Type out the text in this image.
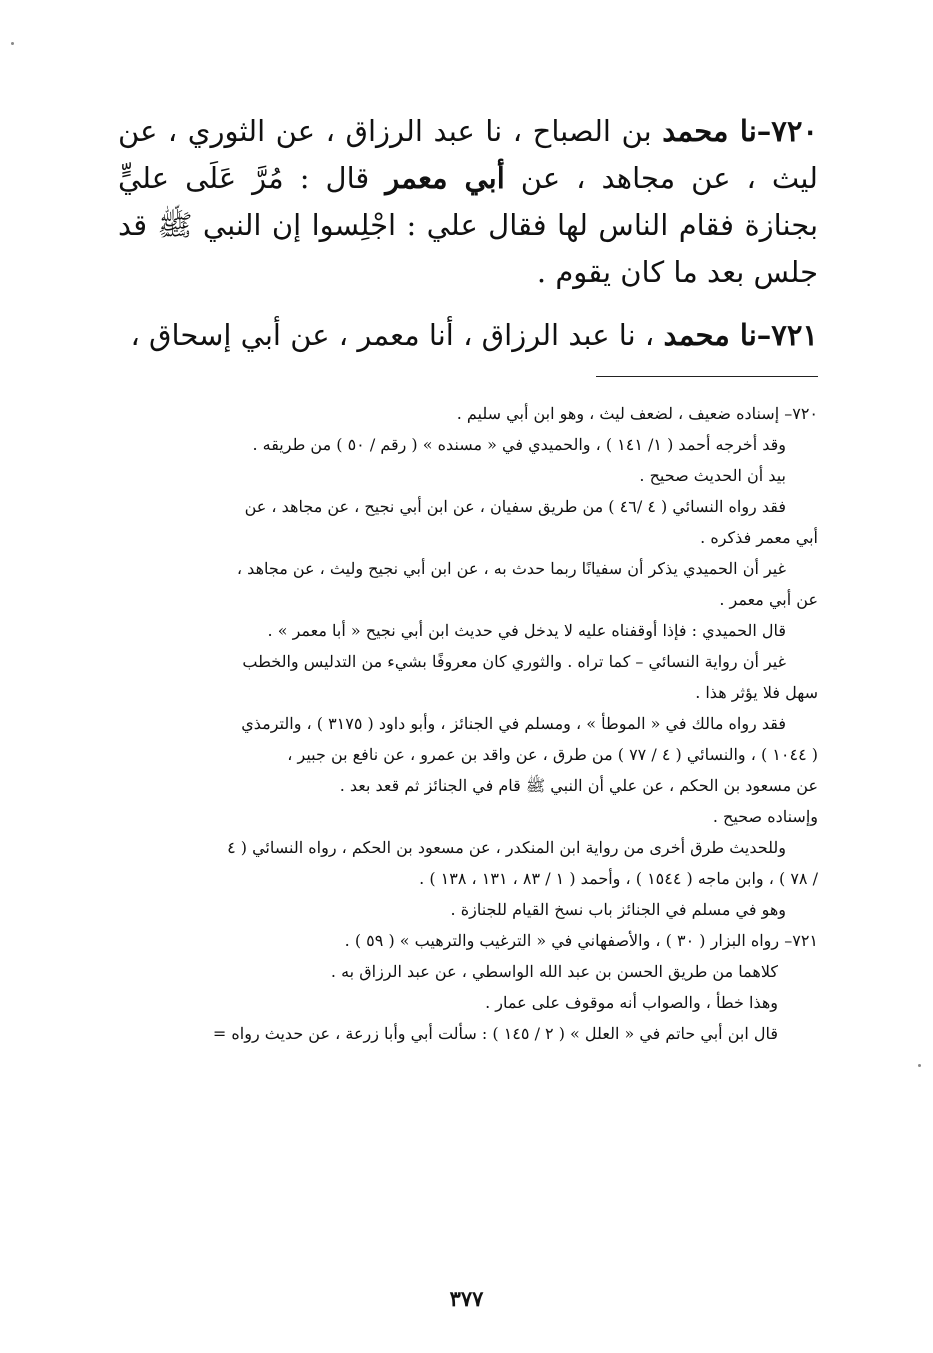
٧٢٠–نا محمد بن الصباح ، نا عبد الرزاق ، عن الثوري ، عن ليث ، عن مجاهد ، عن أبي معمر قال : مُرَّ عَلَى عليٍّ بجنازة فقام الناس لها فقال علي : اجْلِسوا إن النبي ﷺ قد جلس بعد ما كان يقوم .

٧٢١–نا محمد ، نا عبد الرزاق ، أنا معمر ، عن أبي إسحاق ،

٧٢٠– إسناده ضعيف ، لضعف ليث ، وهو ابن أبي سليم .

وقد أخرجه أحمد ( ١/ ١٤١ ) ، والحميدي في « مسنده » ( رقم / ٥٠ ) من طريقه .

بيد أن الحديث صحيح .

فقد رواه النسائي ( ٤ /٤٦ ) من طريق سفيان ، عن ابن أبي نجيح ، عن مجاهد ، عن

أبي معمر فذكره .

غير أن الحميدي يذكر أن سفيانًا ربما حدث به ، عن ابن أبي نجيح وليث ، عن مجاهد ،

عن أبي معمر .

قال الحميدي : فإذا أوقفناه عليه لا يدخل في حديث ابن أبي نجيح « أبا معمر » .

غير أن رواية النسائي – كما تراه . والثوري كان معروفًا بشيء من التدليس والخطب

سهل فلا يؤثر هذا .

فقد رواه مالك في « الموطأ » ، ومسلم في الجنائز ، وأبو داود ( ٣١٧٥ ) ، والترمذي

( ١٠٤٤ ) ، والنسائي ( ٤ / ٧٧ ) من طرق ، عن واقد بن عمرو ، عن نافع بن جبير ،

عن مسعود بن الحكم ، عن علي أن النبي ﷺ قام في الجنائز ثم قعد بعد .

وإسناده صحيح .

وللحديث طرق أخرى من رواية ابن المنكدر ، عن مسعود بن الحكم ، رواه النسائي ( ٤

/ ٧٨ ) ، وابن ماجه ( ١٥٤٤ ) ، وأحمد ( ١ / ٨٣ ، ١٣١ ، ١٣٨ ) .

وهو في مسلم في الجنائز باب نسخ القيام للجنازة .

٧٢١– رواه البزار ( ٣٠ ) ، والأصفهاني في « الترغيب والترهيب » ( ٥٩ ) .

كلاهما من طريق الحسن بن عبد الله الواسطي ، عن عبد الرزاق به .

وهذا خطأ ، والصواب أنه موقوف على عمار .

قال ابن أبي حاتم في « العلل » ( ٢ / ١٤٥ ) : سألت أبي وأبا زرعة ، عن حديث رواه =

٣٧٧
